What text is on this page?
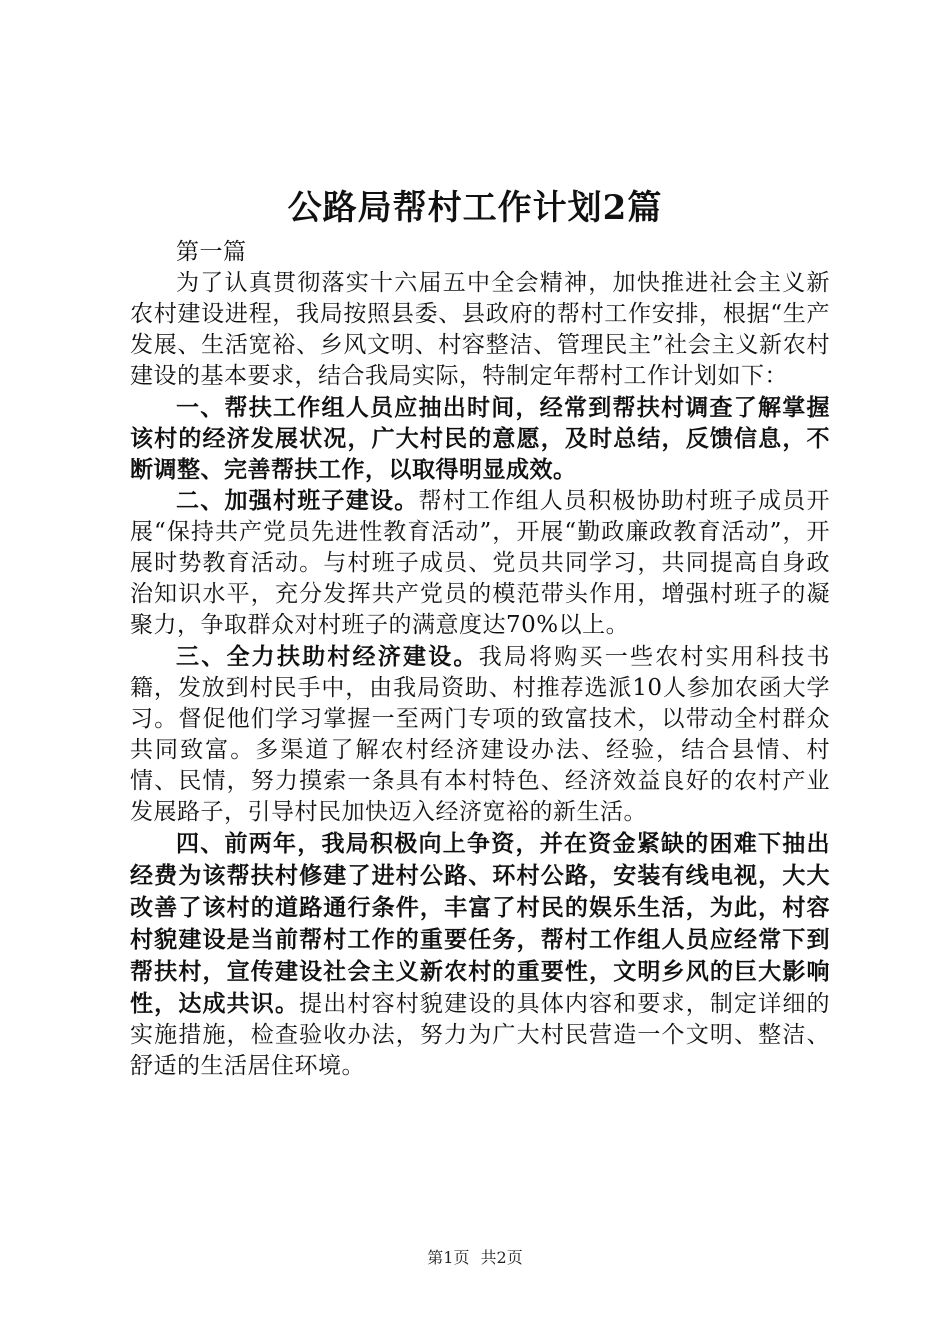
公路局帮村工作计划2篇

第一篇

为了认真贯彻落实十六届五中全会精神，加快推进社会主义新农村建设进程，我局按照县委、县政府的帮村工作安排，根据“生产发展、生活宽裕、乡风文明、村容整洁、管理民主”社会主义新农村建设的基本要求，结合我局实际，特制定年帮村工作计划如下：

一、帮扶工作组人员应抽出时间，经常到帮扶村调查了解掌握该村的经济发展状况，广大村民的意愿，及时总结，反馈信息，不断调整、完善帮扶工作，以取得明显成效。

二、加强村班子建设。帮村工作组人员积极协助村班子成员开展“保持共产党员先进性教育活动”，开展“勤政廉政教育活动”，开展时势教育活动。与村班子成员、党员共同学习，共同提高自身政治知识水平，充分发挥共产党员的模范带头作用，增强村班子的凝聚力，争取群众对村班子的满意度达70%以上。

三、全力扶助村经济建设。我局将购买一些农村实用科技书籍，发放到村民手中，由我局资助、村推荐选派10人参加农函大学习。督促他们学习掌握一至两门专项的致富技术，以带动全村群众共同致富。多渠道了解农村经济建设办法、经验，结合县情、村情、民情，努力摸索一条具有本村特色、经济效益良好的农村产业发展路子，引导村民加快迈入经济宽裕的新生活。

四、前两年，我局积极向上争资，并在资金紧缺的困难下抽出经费为该帮扶村修建了进村公路、环村公路，安装有线电视，大大改善了该村的道路通行条件，丰富了村民的娱乐生活，为此，村容村貌建设是当前帮村工作的重要任务，帮村工作组人员应经常下到帮扶村，宣传建设社会主义新农村的重要性，文明乡风的巨大影响性，达成共识。提出村容村貌建设的具体内容和要求，制定详细的实施措施，检查验收办法，努力为广大村民营造一个文明、整洁、舒适的生活居住环境。

第1页 共2页
